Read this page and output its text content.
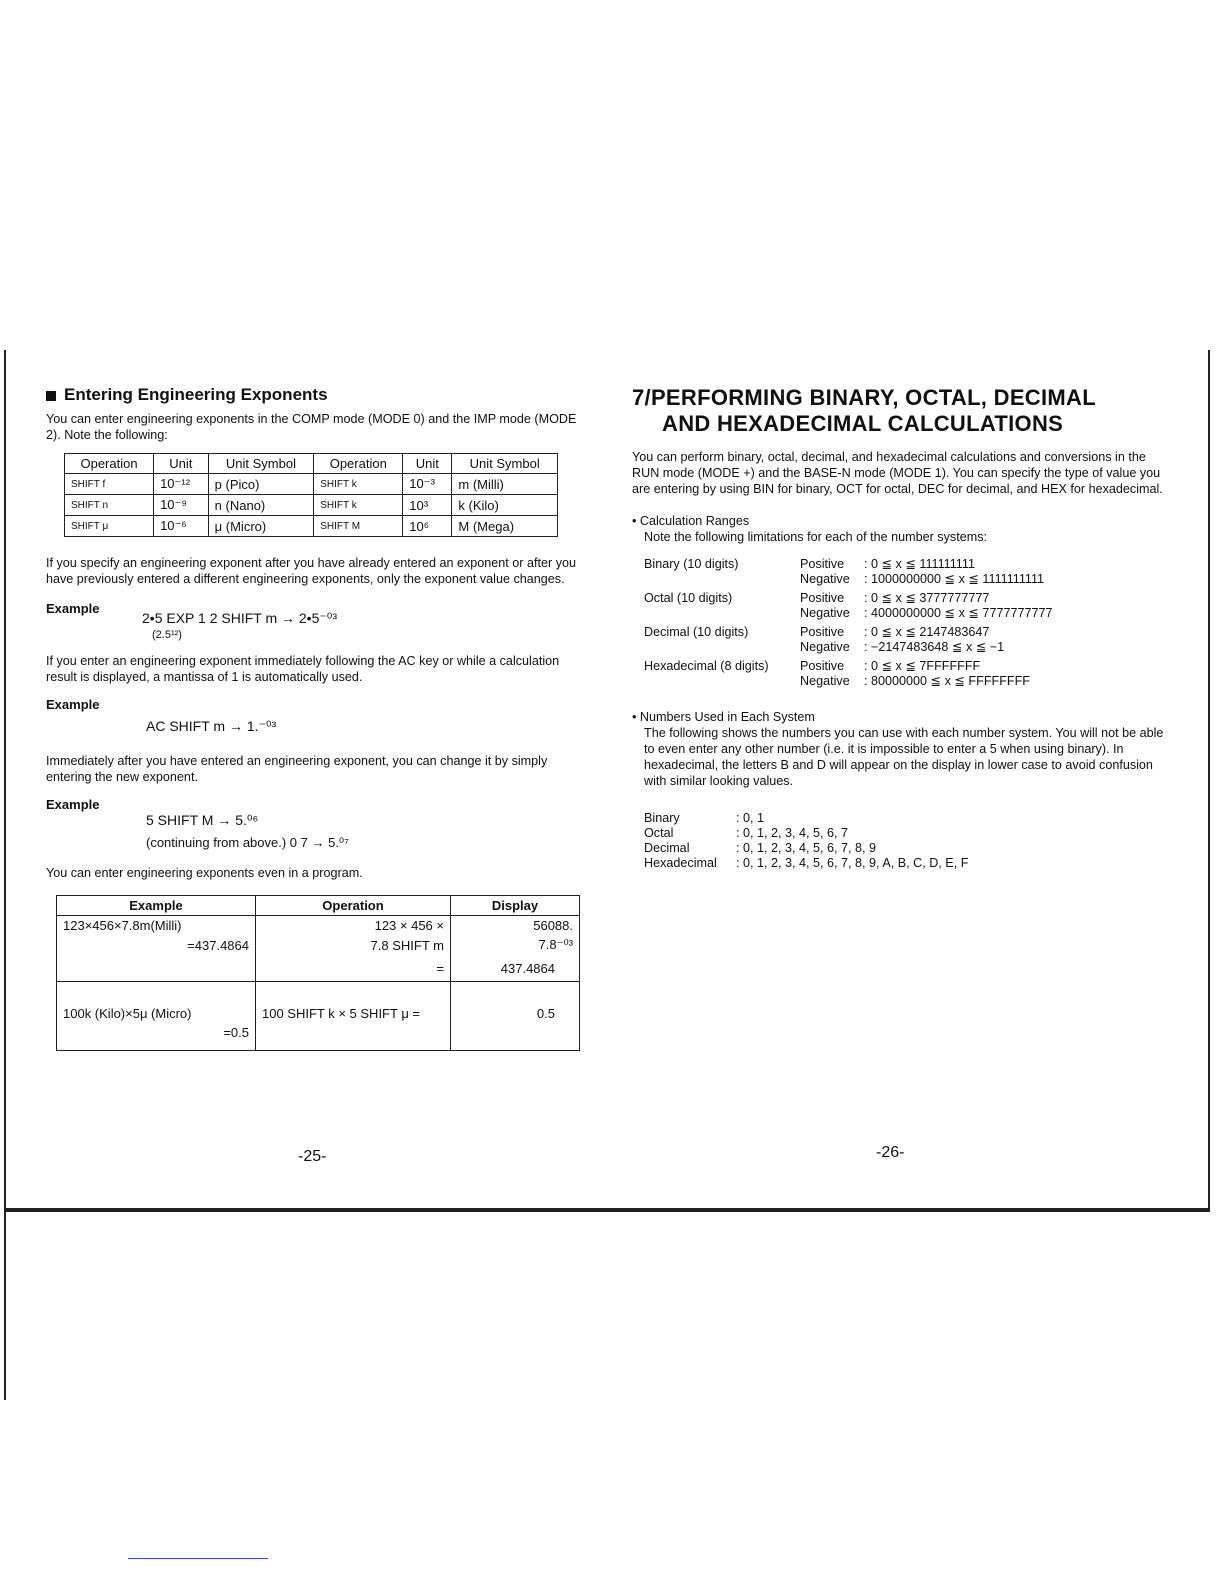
Entering Engineering Exponents

You can enter engineering exponents in the COMP mode (MODE 0) and the IMP mode (MODE 2). Note the following:

Operation	Unit	Unit Symbol	Operation	Unit	Unit Symbol
SHIFT f	10⁻¹²	p (Pico)	SHIFT k	10⁻³	m (Milli)
SHIFT n	10⁻⁹	n (Nano)	SHIFT k	10³	k (Kilo)
SHIFT μ	10⁻⁶	μ (Micro)	SHIFT M	10⁶	M (Mega)

If you specify an engineering exponent after you have already entered an exponent or after you have previously entered a different engineering exponents, only the exponent value changes.

Example
2•5 EXP 1 2 SHIFT m → 2•5⁻⁰³
(2.5¹²)

If you enter an engineering exponent immediately following the AC key or while a calculation result is displayed, a mantissa of 1 is automatically used.

Example
AC SHIFT m → 1.⁻⁰³

Immediately after you have entered an engineering exponent, you can change it by simply entering the new exponent.

Example
5 SHIFT M → 5.⁰⁶
(continuing from above.) 0 7 → 5.⁰⁷

You can enter engineering exponents even in a program.

Example	Operation	Display
123×456×7.8m(Milli)	123 × 456 ×	56088.
=437.4864	7.8 SHIFT m	7.8⁻⁰³
	=	437.4864
100k (Kilo)×5μ (Micro)	100 SHIFT k × 5 SHIFT μ =	0.5
=0.5		
-25-
7/PERFORMING BINARY, OCTAL, DECIMAL
AND HEXADECIMAL CALCULATIONS

You can perform binary, octal, decimal, and hexadecimal calculations and conversions in the RUN mode (MODE +) and the BASE-N mode (MODE 1). You can specify the type of value you are entering by using BIN for binary, OCT for octal, DEC for decimal, and HEX for hexadecimal.

• Calculation Ranges
Note the following limitations for each of the number systems:
Binary (10 digits)	Positive	: 0 ≦ x ≦ 111111111
Negative	: 1000000000 ≦ x ≦ 1111111111
Octal (10 digits)	Positive	: 0 ≦ x ≦ 3777777777
Negative	: 4000000000 ≦ x ≦ 7777777777
Decimal (10 digits)	Positive	: 0 ≦ x ≦ 2147483647
Negative	: −2147483648 ≦ x ≦ −1
Hexadecimal (8 digits)	Positive	: 0 ≦ x ≦ 7FFFFFFF
Negative	: 80000000 ≦ x ≦ FFFFFFFF
• Numbers Used in Each System

The following shows the numbers you can use with each number system. You will not be able to even enter any other number (i.e. it is impossible to enter a 5 when using binary). In hexadecimal, the letters B and D will appear on the display in lower case to avoid confusion with similar looking values.

Binary	: 0, 1
Octal	: 0, 1, 2, 3, 4, 5, 6, 7
Decimal	: 0, 1, 2, 3, 4, 5, 6, 7, 8, 9
Hexadecimal	: 0, 1, 2, 3, 4, 5, 6, 7, 8, 9, A, B, C, D, E, F
-26-
